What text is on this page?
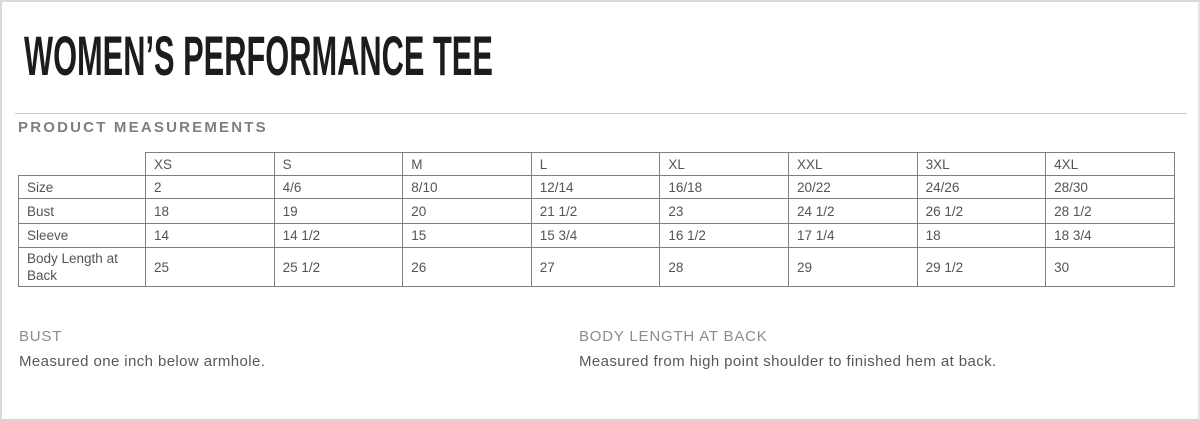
WOMEN’S PERFORMANCE TEE
PRODUCT MEASUREMENTS
	XS	S	M	L	XL	XXL	3XL	4XL
Size	2	4/6	8/10	12/14	16/18	20/22	24/26	28/30
Bust	18	19	20	21 1/2	23	24 1/2	26 1/2	28 1/2
Sleeve	14	14 1/2	15	15 3/4	16 1/2	17 1/4	18	18 3/4
Body Length at Back	25	25 1/2	26	27	28	29	29 1/2	30

BUST

Measured one inch below armhole.

BODY LENGTH AT BACK

Measured from high point shoulder to finished hem at back.
